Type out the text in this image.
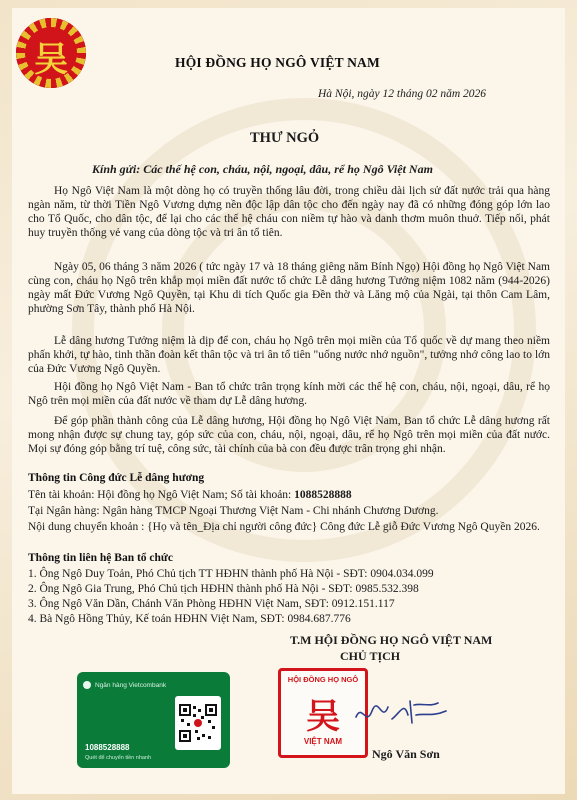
吴	HỘI ĐỒNG HỌ NGÔ VIỆT NAM
Hà Nội, ngày 12 tháng 02 năm 2026
THƯ NGỎ
Kính gửi: Các thế hệ con, cháu, nội, ngoại, dâu, rể họ Ngô Việt Nam
Họ Ngô Việt Nam là một dòng họ có truyền thống lâu đời, trong chiều dài lịch sử đất nước trải qua hàng ngàn năm, từ thời Tiền Ngô Vương dựng nền độc lập dân tộc cho đến ngày nay đã có những đóng góp lớn lao cho Tổ Quốc, cho dân tộc, để lại cho các thế hệ cháu con niềm tự hào và danh thơm muôn thuở. Tiếp nối, phát huy truyền thống vẻ vang của dòng tộc và tri ân tổ tiên.
Ngày 05, 06 tháng 3 năm 2026 ( tức ngày 17 và 18 tháng giêng năm Bính Ngọ) Hội đồng họ Ngô Việt Nam cùng con, cháu họ Ngô trên khắp mọi miền đất nước tổ chức Lễ dâng hương Tưởng niệm 1082 năm (944-2026) ngày mất Đức Vương Ngô Quyền, tại Khu di tích Quốc gia Đền thờ và Lăng mộ của Ngài, tại thôn Cam Lâm, phường Sơn Tây, thành phố Hà Nội.
Lễ dâng hương Tưởng niệm là dịp để con, cháu họ Ngô trên mọi miền của Tổ quốc về dự mang theo niềm phấn khởi, tự hào, tinh thần đoàn kết thân tộc và tri ân tổ tiên "uống nước nhớ nguồn", tưởng nhớ công lao to lớn của Đức Vương Ngô Quyền.
Hội đồng họ Ngô Việt Nam - Ban tổ chức trân trọng kính mời các thế hệ con, cháu, nội, ngoại, dâu, rể họ Ngô trên mọi miền của đất nước về tham dự Lễ dâng hương.
Để góp phần thành công của Lễ dâng hương, Hội đồng họ Ngô Việt Nam, Ban tổ chức Lễ dâng hương rất mong nhận được sự chung tay, góp sức của con, cháu, nội, ngoại, dâu, rể họ Ngô trên mọi miền của đất nước. Mọi sự đóng góp bằng trí tuệ, công sức, tài chính của bà con đều được trân trọng ghi nhận.
Thông tin Công đức Lễ dâng hương
Tên tài khoản: Hội đồng họ Ngô Việt Nam; Số tài khoản: 1088528888
Tại Ngân hàng: Ngân hàng TMCP Ngoại Thương Việt Nam - Chi nhánh Chương Dương.
Nội dung chuyển khoản : {Họ và tên_Địa chỉ người công đức} Công đức Lễ giỗ Đức Vương Ngô Quyền 2026.
Thông tin liên hệ Ban tổ chức
1. Ông Ngô Duy Toản, Phó Chủ tịch TT HĐHN thành phố Hà Nội - SĐT: 0904.034.099
2. Ông Ngô Gia Trung, Phó Chủ tịch HĐHN thành phố Hà Nội - SĐT: 0985.532.398
3. Ông Ngô Văn Dần, Chánh Văn Phòng HĐHN Việt Nam, SĐT: 0912.151.117
4. Bà Ngô Hồng Thủy, Kế toán HĐHN Việt Nam, SĐT: 0984.687.776
T.M HỘI ĐỒNG HỌ NGÔ VIỆT NAM
CHỦ TỊCH
Ngân hàng Vietcombank
1088528888
Quét để chuyển tiền nhanh
HỘI ĐỒNG HỌ NGÔ
吴
VIỆT NAM
Ngô Văn Sơn
